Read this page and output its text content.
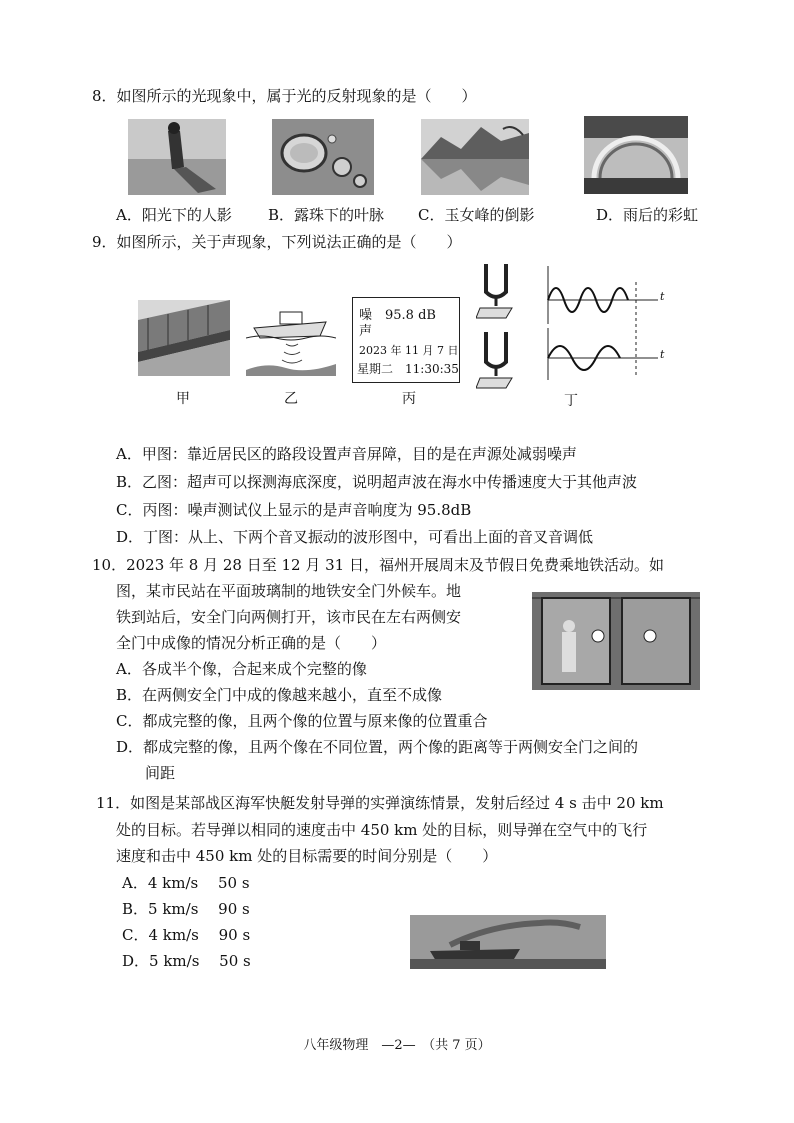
8．如图所示的光现象中，属于光的反射现象的是（　　）
A．阳光下的人影 B．露珠下的叶脉 C．玉女峰的倒影	D．雨后的彩虹
9．如图所示，关于声现象，下列说法正确的是（　　）
噪　95.8 dB
声
2023 年 11 月 7 日
星期二　11:30:35
t
t
甲	乙	丙	丁
A．甲图：靠近居民区的路段设置声音屏障，目的是在声源处减弱噪声
B．乙图：超声可以探测海底深度，说明超声波在海水中传播速度大于其他声波
C．丙图：噪声测试仪上显示的是声音响度为 95.8dB
D．丁图：从上、下两个音叉振动的波形图中，可看出上面的音叉音调低
10．2023 年 8 月 28 日至 12 月 31 日，福州开展周末及节假日免费乘地铁活动。如
图，某市民站在平面玻璃制的地铁安全门外候车。地
铁到站后，安全门向两侧打开，该市民在左右两侧安
全门中成像的情况分析正确的是（　　）
A．各成半个像，合起来成个完整的像
B．在两侧安全门中成的像越来越小，直至不成像
C．都成完整的像，且两个像的位置与原来像的位置重合
D．都成完整的像，且两个像在不同位置，两个像的距离等于两侧安全门之间的
间距
11．如图是某部战区海军快艇发射导弹的实弹演练情景，发射后经过 4 s 击中 20 km
处的目标。若导弹以相同的速度击中 450 km 处的目标，则导弹在空气中的飞行
速度和击中 450 km 处的目标需要的时间分别是（　　）
A．4 km/s　 50 s
B．5 km/s　 90 s
C．4 km/s　 90 s
D．5 km/s　 50 s
八年级物理　—2—　（共 7 页）
